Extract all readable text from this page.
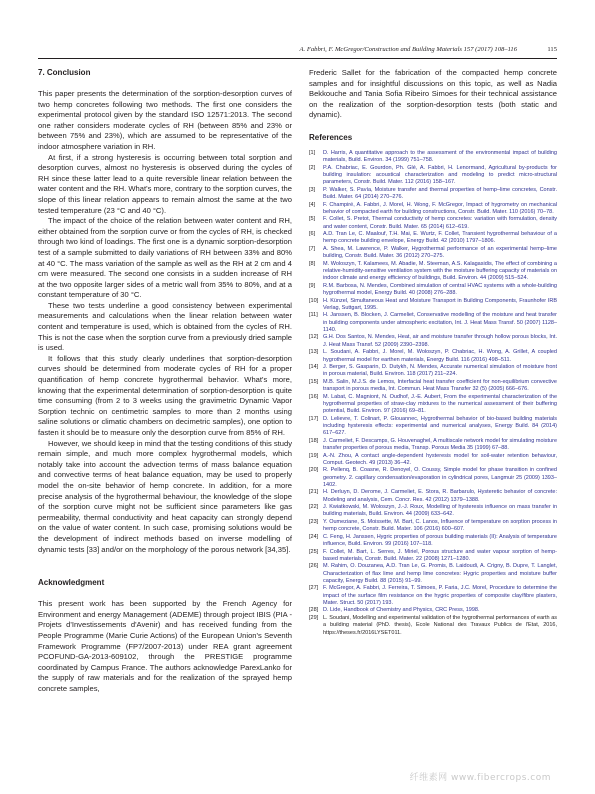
A. Fabbri, F. McGregor/Construction and Building Materials 157 (2017) 108–116	115
7. Conclusion

This paper presents the determination of the sorption-desorption curves of two hemp concretes following two methods. The first one considers the experimental protocol given by the standard ISO 12571:2013. The second one rather considers moderate cycles of RH (between 85% and 23% or between 75% and 23%), which are assumed to be representative of the indoor atmosphere variation in RH.

At first, if a strong hysteresis is occurring between total sorption and desorption curves, almost no hysteresis is observed during the cycles of RH since these latter lead to a quite reversible linear relation between the water content and the RH. What's more, contrary to the sorption curves, the slope of this linear relation appears to remain almost the same at the two tested temperature (23 °C and 40 °C).

The impact of the choice of the relation between water content and RH, either obtained from the sorption curve or from the cycles of RH, is checked through two kind of loadings. The first one is a dynamic sorption-desorption test of a sample submitted to daily variations of RH between 33% and 80% at 40 °C. The mass variation of the sample as well as the RH at 2 cm and 4 cm were measured. The second one consists in a sudden increase of RH at the two opposite larger sides of a metric wall from 35% to 80%, and at a constant temperature of 30 °C.

These two tests underline a good consistency between experimental measurements and calculations when the linear relation between water content and temperature is used, which is obtained from the cycles of RH. This is not the case when the sorption curve from a previously dried sample is used.

It follows that this study clearly underlines that sorption-desorption curves should be determined from moderate cycles of RH for a proper quantification of hemp concrete hygrothermal behavior. What's more, knowing that the experimental determination of sorption-desorption is quite time consuming (from 2 to 3 weeks using the gravimetric Dynamic Vapor Sorption technic on centimetric samples to more than 2 months using saline solutions or climatic chambers on decimetric samples), one option to fasten it should be to measure only the desorption curve from 85% of RH.

However, we should keep in mind that the testing conditions of this study remain simple, and much more complex hygrothermal models, which notably take into account the advection terms of mass balance equation and convective terms of heat balance equation, may be used to properly model the on-site behavior of hemp concrete. In addition, for a more precise analysis of the hygrothermal behaviour, the knowledge of the slope of the sorption curve might not be sufficient since parameters like gas permeability, thermal conductivity and heat capacity can strongly depend on the value of water content. In such case, promising solutions would be the development of indirect methods based on inverse modelling of dynamic tests [33] and/or on the morphology of the porous network [34,35].

Acknowledgment

This present work has been supported by the French Agency for Environment and energy Management (ADEME) through project IBIS (PIA - Projets d'Investissements d'Avenir) and has received funding from the People Programme (Marie Curie Actions) of the European Union's Seventh Framework Programme (FP7/2007-2013) under REA grant agreement PCOFUND-GA-2013-609102, through the PRESTIGE programme coordinated by Campus France. The authors acknowledge ParexLanko for the supply of raw materials and for the realization of the sprayed hemp concrete samples,

Frederic Sallet for the fabrication of the compacted hemp concrete samples and for insightful discussions on this topic, as well as Nadia Bekkouche and Tania Sofia Ribeiro Simoes for their technical assistance on the realization of the sorption-desorption tests (both static and dynamic).

References
[1]	D. Harris, A quantitative approach to the assessment of the environmental impact of building materials, Build. Environ. 34 (1999) 751–758.
[2]	P.A. Chabriac, E. Gourdon, Ph. Glé, A. Fabbri, H. Lenormand, Agricultural by-products for building insulation: acoustical characterization and modeling to predict micro-structural parameters, Constr. Build. Mater. 112 (2016) 158–167.
[3]	P. Walker, S. Pavía, Moisture transfer and thermal properties of hemp–lime concretes, Constr. Build. Mater. 64 (2014) 270–276.
[4]	F. Champiré, A. Fabbri, J. Morel, H. Wong, F. McGregor, Impact of hygrometry on mechanical behavior of compacted earth for building constructions, Constr. Build. Mater. 110 (2016) 70–78.
[5]	F. Collet, S. Pretot, Thermal conductivity of hemp concretes: variation with formulation, density and water content, Constr. Build. Mater. 65 (2014) 612–619.
[6]	A.D. Tran Le, C. Maalouf, T.H. Mai, E. Wurtz, F. Collet, Transient hygrothermal behaviour of a hemp concrete building envelope, Energy Build. 42 (2010) 1797–1806.
[7]	A. Shea, M. Lawrence, P. Walker, Hygrothermal performance of an experimental hemp–lime building, Constr. Build. Mater. 36 (2012) 270–275.
[8]	M. Woloszyn, T. Kalamees, M. Abadie, M. Steeman, A.S. Kalagasidis, The effect of combining a relative-humidity-sensitive ventilation system with the moisture buffering capacity of materials on indoor climate and energy efficiency of buildings, Build. Environ. 44 (2009) 515–524.
[9]	R.M. Barbosa, N. Mendes, Combined simulation of central HVAC systems with a whole-building hygrothermal model, Energy Build. 40 (2008) 276–288.
[10] H. Künzel, Simultaneous Heat and Moisture Transport in Building Components, Fraunhofer IRB Verlag, Suttgart, 1995.
[11] H. Janssen, B. Blocken, J. Carmeliet, Conservative modelling of the moisture and heat transfer in building components under atmospheric excitation, Int. J. Heat Mass Transf. 50 (2007) 1128–1140.
[12] G.H. Dos Santos, N. Mendes, Heat, air and moisture transfer through hollow porous blocks, Int. J. Heat Mass Transf. 52 (2009) 2390–2398.
[13] L. Soudani, A. Fabbri, J. Morel, M. Woloszyn, P. Chabriac, H. Wong, A. Grillet, A coupled hygrothermal model for earthen materials, Energy Build. 116 (2016) 498–511.
[14] J. Berger, S. Gasparin, D. Dutykh, N. Mendes, Accurate numerical simulation of moisture front in porous material, Build. Environ. 118 (2017) 211–224.
[15] M.B. Salin, M.J.S. de Lemos, Interfacial heat transfer coefficient for non-equilibrium convective transport in porous media, Int. Commun. Heat Mass Transfer 32 (5) (2005) 666–676.
[16] M. Labat, C. Magniont, N. Oudhof, J.-E. Aubert, From the experimental characterization of the hygrothermal properties of straw-clay mixtures to the numerical assessment of their buffering potential, Build. Environ. 97 (2016) 69–81.
[17] D. Lelievre, T. Colinart, P. Glouannec, Hygrothermal behavior of bio-based building materials including hysteresis effects: experimental and numerical analyses, Energy Build. 84 (2014) 617–627.
[18] J. Carmeliet, F. Descamps, G. Houvenaghel, A multiscale network model for simulating moisture transfer properties of porous media, Transp. Porous Media 35 (1999) 67–88.
[19] A.-N. Zhou, A contact angle-dependent hysteresis model for soil-water retention behaviour, Comput. Geotech. 49 (2013) 36–42.
[20] R. Pellenq, B. Coasne, R. Denoyel, O. Coussy, Simple model for phase transition in confined geometry. 2. capillary condensation/evaporation in cylindrical pores, Langmuir 25 (2009) 1393–1402.
[21] H. Derluyn, D. Derome, J. Carmeliet, E. Stora, R. Barbarulo, Hysteretic behavior of concrete: Modeling and analysis, Cem. Concr. Res. 42 (2012) 1379–1388.
[22] J. Kwiatkowski, M. Woloszyn, J.-J. Roux, Modelling of hysteresis influence on mass transfer in building materials, Build. Environ. 44 (2009) 633–642.
[23] Y. Oumeziane, S. Moissette, M. Bart, C. Lanos, Influence of temperature on sorption process in hemp concrete, Constr. Build. Mater. 106 (2016) 600–607.
[24] C. Feng, H. Janssen, Hygric properties of porous building materials (II): Analysis of temperature influence, Build. Environ. 99 (2016) 107–118.
[25] F. Collet, M. Bart, L. Serres, J. Miriel, Porous structure and water vapour sorption of hemp-based materials, Constr. Build. Mater. 22 (2008) 1271–1280.
[26] M. Rahim, O. Douzanea, A.D. Tran Le, G. Promis, B. Laidoudi, A. Crigny, B. Dupre, T. Langlet, Characterization of flax lime and hemp lime concretes: Hygric properties and moisture buffer capacity, Energy Build. 88 (2015) 91–99.
[27] F. McGregor, A. Fabbri, J. Ferreira, T. Simoes, P. Faria, J.C. Morel, Procedure to determine the impact of the surface film resistance on the hygric properties of composite clay/fibre plasters, Mater. Struct. 50 (2017) 193.
[28] D. Lide, Handbook of Chemistry and Physics, CRC Press, 1998.
[29] L. Soudani, Modelling and experimental validation of the hygrothermal performances of earth as a building material (PhD. thesis), Ecole National des Travaux Publics de l'Etat, 2016, https://theses.fr/2016LYSET011.
纤维素网 www.fibercrops.com
